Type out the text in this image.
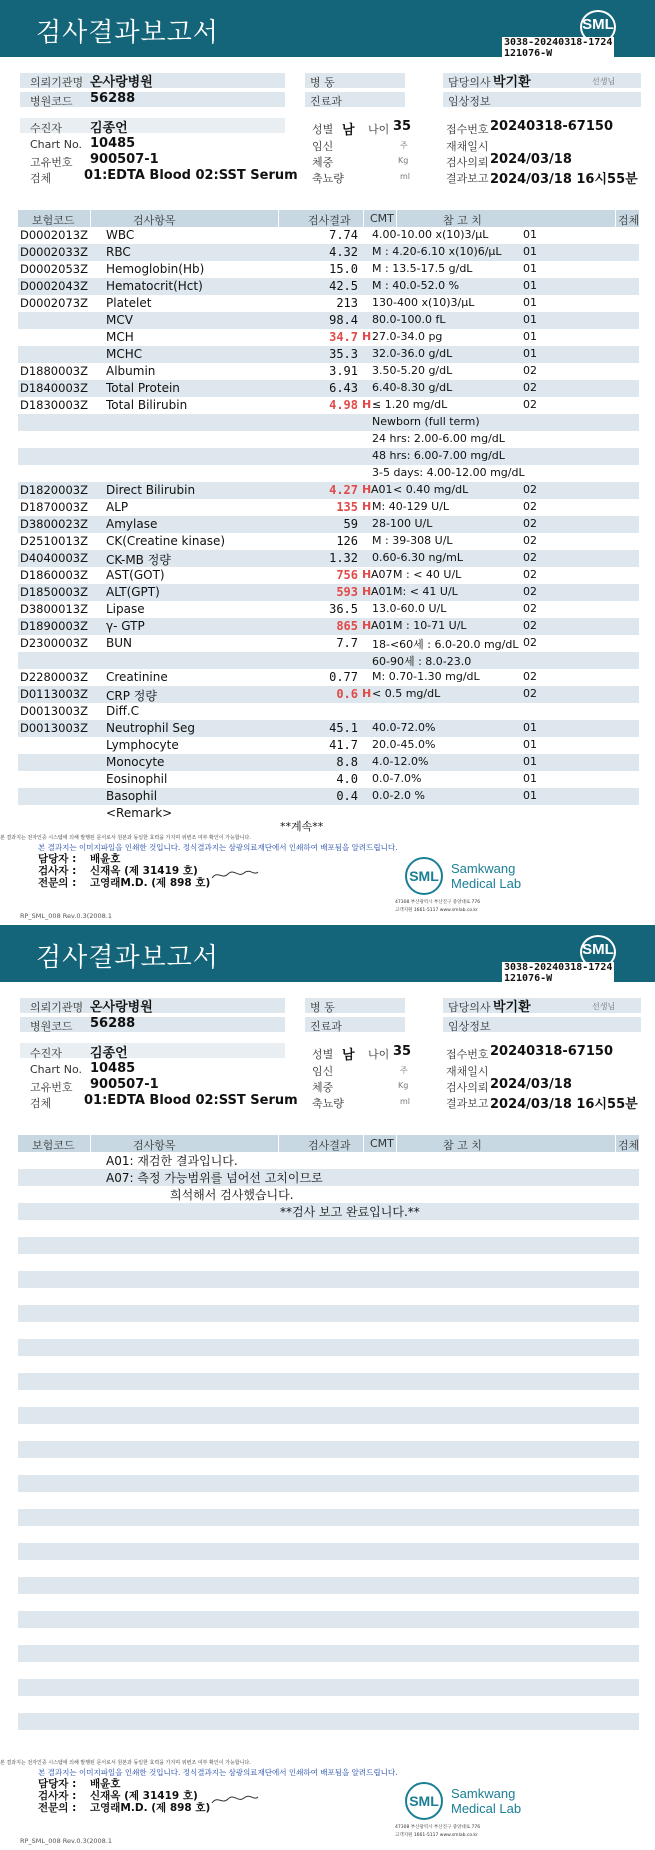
검사결과보고서	SML
3038-20240318-1724
121076-W
의뢰기관명 온사랑병원	병 동	담당의사 박기환	선생님
병원코드 56288	진료과	임상정보
수진자 김종언	성별 남 나이 35	접수번호 20240318-67150
Chart No. 10485	임신	주	재채일시
고유번호 900507-1	체중	Kg	검사의뢰 2024/03/18
검체	01:EDTA Blood 02:SST Serum 축뇨량	ml	결과보고 2024/03/18 16시55분
보험코드	검사항목	검사결과 CMT	참 고 치	검체
D0002013Z WBC	7.74 4.00-10.00 x(10)3/μL	01
D0002033Z RBC	4.32 M : 4.20-6.10 x(10)6/μL	01
D0002053Z Hemoglobin(Hb)	15.0 M : 13.5-17.5 g/dL	01
D0002043Z Hematocrit(Hct)	42.5 M : 40.0-52.0 %	01
D0002073Z Platelet	213 130-400 x(10)3/μL	01
MCV	98.4 80.0-100.0 fL	01
MCH	34.7 H 27.0-34.0 pg	01
MCHC	35.3 32.0-36.0 g/dL	01
D1880003Z Albumin	3.91 3.50-5.20 g/dL	02
D1840003Z Total Protein	6.43 6.40-8.30 g/dL	02
D1830003Z Total Bilirubin	4.98 H ≤ 1.20 mg/dL	02
Newborn (full term)
24 hrs: 2.00-6.00 mg/dL
48 hrs: 6.00-7.00 mg/dL
3-5 days: 4.00-12.00 mg/dL
D1820003Z Direct Bilirubin	4.27 H A01 < 0.40 mg/dL	02
D1870003Z ALP	135 H M: 40-129 U/L	02
D3800023Z Amylase	59 28-100 U/L	02
D2510013Z CK(Creatine kinase)	126 M : 39-308 U/L	02
D4040003Z CK-MB 정량	1.32 0.60-6.30 ng/mL	02
D1860003Z AST(GOT)	756 H A07 M : < 40 U/L	02
D1850003Z ALT(GPT)	593 H A01 M: < 41 U/L	02
D3800013Z Lipase	36.5 13.0-60.0 U/L	02
D1890003Z γ- GTP	865 H A01 M : 10-71 U/L	02
D2300003Z BUN	7.7 18-<60세 : 6.0-20.0 mg/dL 02
60-90세 : 8.0-23.0
D2280003Z Creatinine	0.77 M: 0.70-1.30 mg/dL	02
D0113003Z CRP 정량	0.6 H < 0.5 mg/dL	02
D0013003Z Diff.C
D0013003Z Neutrophil Seg	45.1 40.0-72.0%	01
Lymphocyte	41.7 20.0-45.0%	01
Monocyte	8.8 4.0-12.0%	01
Eosinophil	4.0 0.0-7.0%	01
Basophil	0.4 0.0-2.0 %	01
<Remark>
**계속**
본 결과지는 전자인증 시스템에 의해 발행된 문서로서 원본과 동일한 효력을 가지며 위변조 여부 확인이 가능합니다.
본 결과지는 이미지파일을 인쇄한 것입니다. 정식결과지는 삼광의료재단에서 인쇄하여 배포됨을 알려드립니다.
담당자 : 배윤호
검사자 : 신재옥 (제 31419 호)
전문의 : 고영래M.D. (제 898 호)	SML Samkwang
Medical Lab
47308 부산광역시 부산진구 중앙대로 776
고객지원 1661-5117 www.smlab.co.kr
RP_SML_008 Rev.0.3(2008.1
검사결과보고서	SML
3038-20240318-1724
121076-W
의뢰기관명 온사랑병원	병 동	담당의사 박기환	선생님
병원코드 56288	진료과	임상정보
수진자 김종언	성별 남 나이 35	접수번호 20240318-67150
Chart No. 10485	임신	주	재채일시
고유번호 900507-1	체중	Kg	검사의뢰 2024/03/18
검체	01:EDTA Blood 02:SST Serum 축뇨량	ml	결과보고 2024/03/18 16시55분
보험코드	검사항목	검사결과 CMT	참 고 치	검체
A01: 재검한 결과입니다.
A07: 측정 가능범위를 넘어선 고치이므로
희석해서 검사했습니다.
**검사 보고 완료입니다.**
본 결과지는 전자인증 시스템에 의해 발행된 문서로서 원본과 동일한 효력을 가지며 위변조 여부 확인이 가능합니다.
본 결과지는 이미지파일을 인쇄한 것입니다. 정식결과지는 삼광의료재단에서 인쇄하여 배포됨을 알려드립니다.
담당자 : 배윤호
검사자 : 신재옥 (제 31419 호)
전문의 : 고영래M.D. (제 898 호)	SML Samkwang
Medical Lab
47308 부산광역시 부산진구 중앙대로 776
고객지원 1661-5117 www.smlab.co.kr
RP_SML_008 Rev.0.3(2008.1
